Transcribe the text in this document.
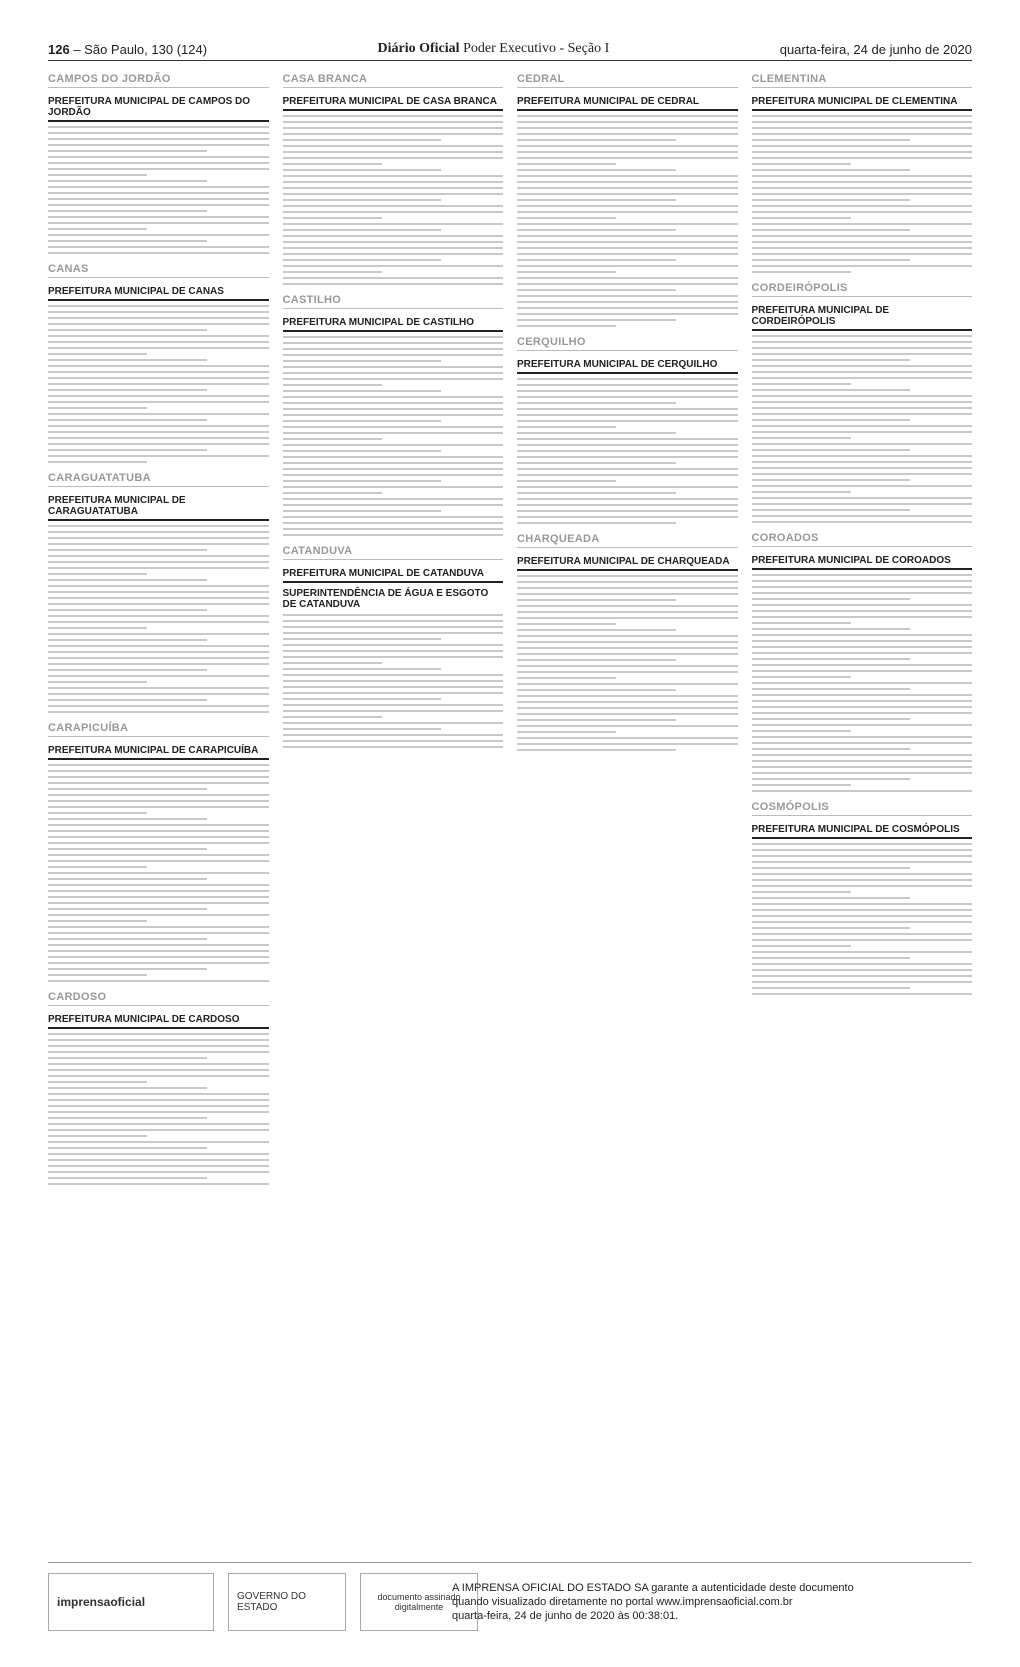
126 – São Paulo, 130 (124)	Diário Oficial Poder Executivo - Seção I	quarta-feira, 24 de junho de 2020
CAMPOS DO JORDÃO
PREFEITURA MUNICIPAL DE CAMPOS DO JORDÃO
CANAS
PREFEITURA MUNICIPAL DE CANAS
CARAGUATATUBA
PREFEITURA MUNICIPAL DE CARAGUATATUBA
CARAPICUÍBA
PREFEITURA MUNICIPAL DE CARAPICUÍBA
CARDOSO
PREFEITURA MUNICIPAL DE CARDOSO
CASA BRANCA
PREFEITURA MUNICIPAL DE CASA BRANCA
CASTILHO
PREFEITURA MUNICIPAL DE CASTILHO
CATANDUVA
PREFEITURA MUNICIPAL DE CATANDUVA
SUPERINTENDÊNCIA DE ÁGUA E ESGOTO DE CATANDUVA
CEDRAL
PREFEITURA MUNICIPAL DE CEDRAL
CERQUILHO
PREFEITURA MUNICIPAL DE CERQUILHO
CHARQUEADA
PREFEITURA MUNICIPAL DE CHARQUEADA
CLEMENTINA
PREFEITURA MUNICIPAL DE CLEMENTINA
CORDEIRÓPOLIS
PREFEITURA MUNICIPAL DE CORDEIRÓPOLIS
COROADOS
PREFEITURA MUNICIPAL DE COROADOS
COSMÓPOLIS
PREFEITURA MUNICIPAL DE COSMÓPOLIS
imprensaoficial	GOVERNO DO ESTADO
documento assinado digitalmente
A IMPRENSA OFICIAL DO ESTADO SA garante a autenticidade deste documento
quando visualizado diretamente no portal www.imprensaoficial.com.br
quarta-feira, 24 de junho de 2020 às 00:38:01.
